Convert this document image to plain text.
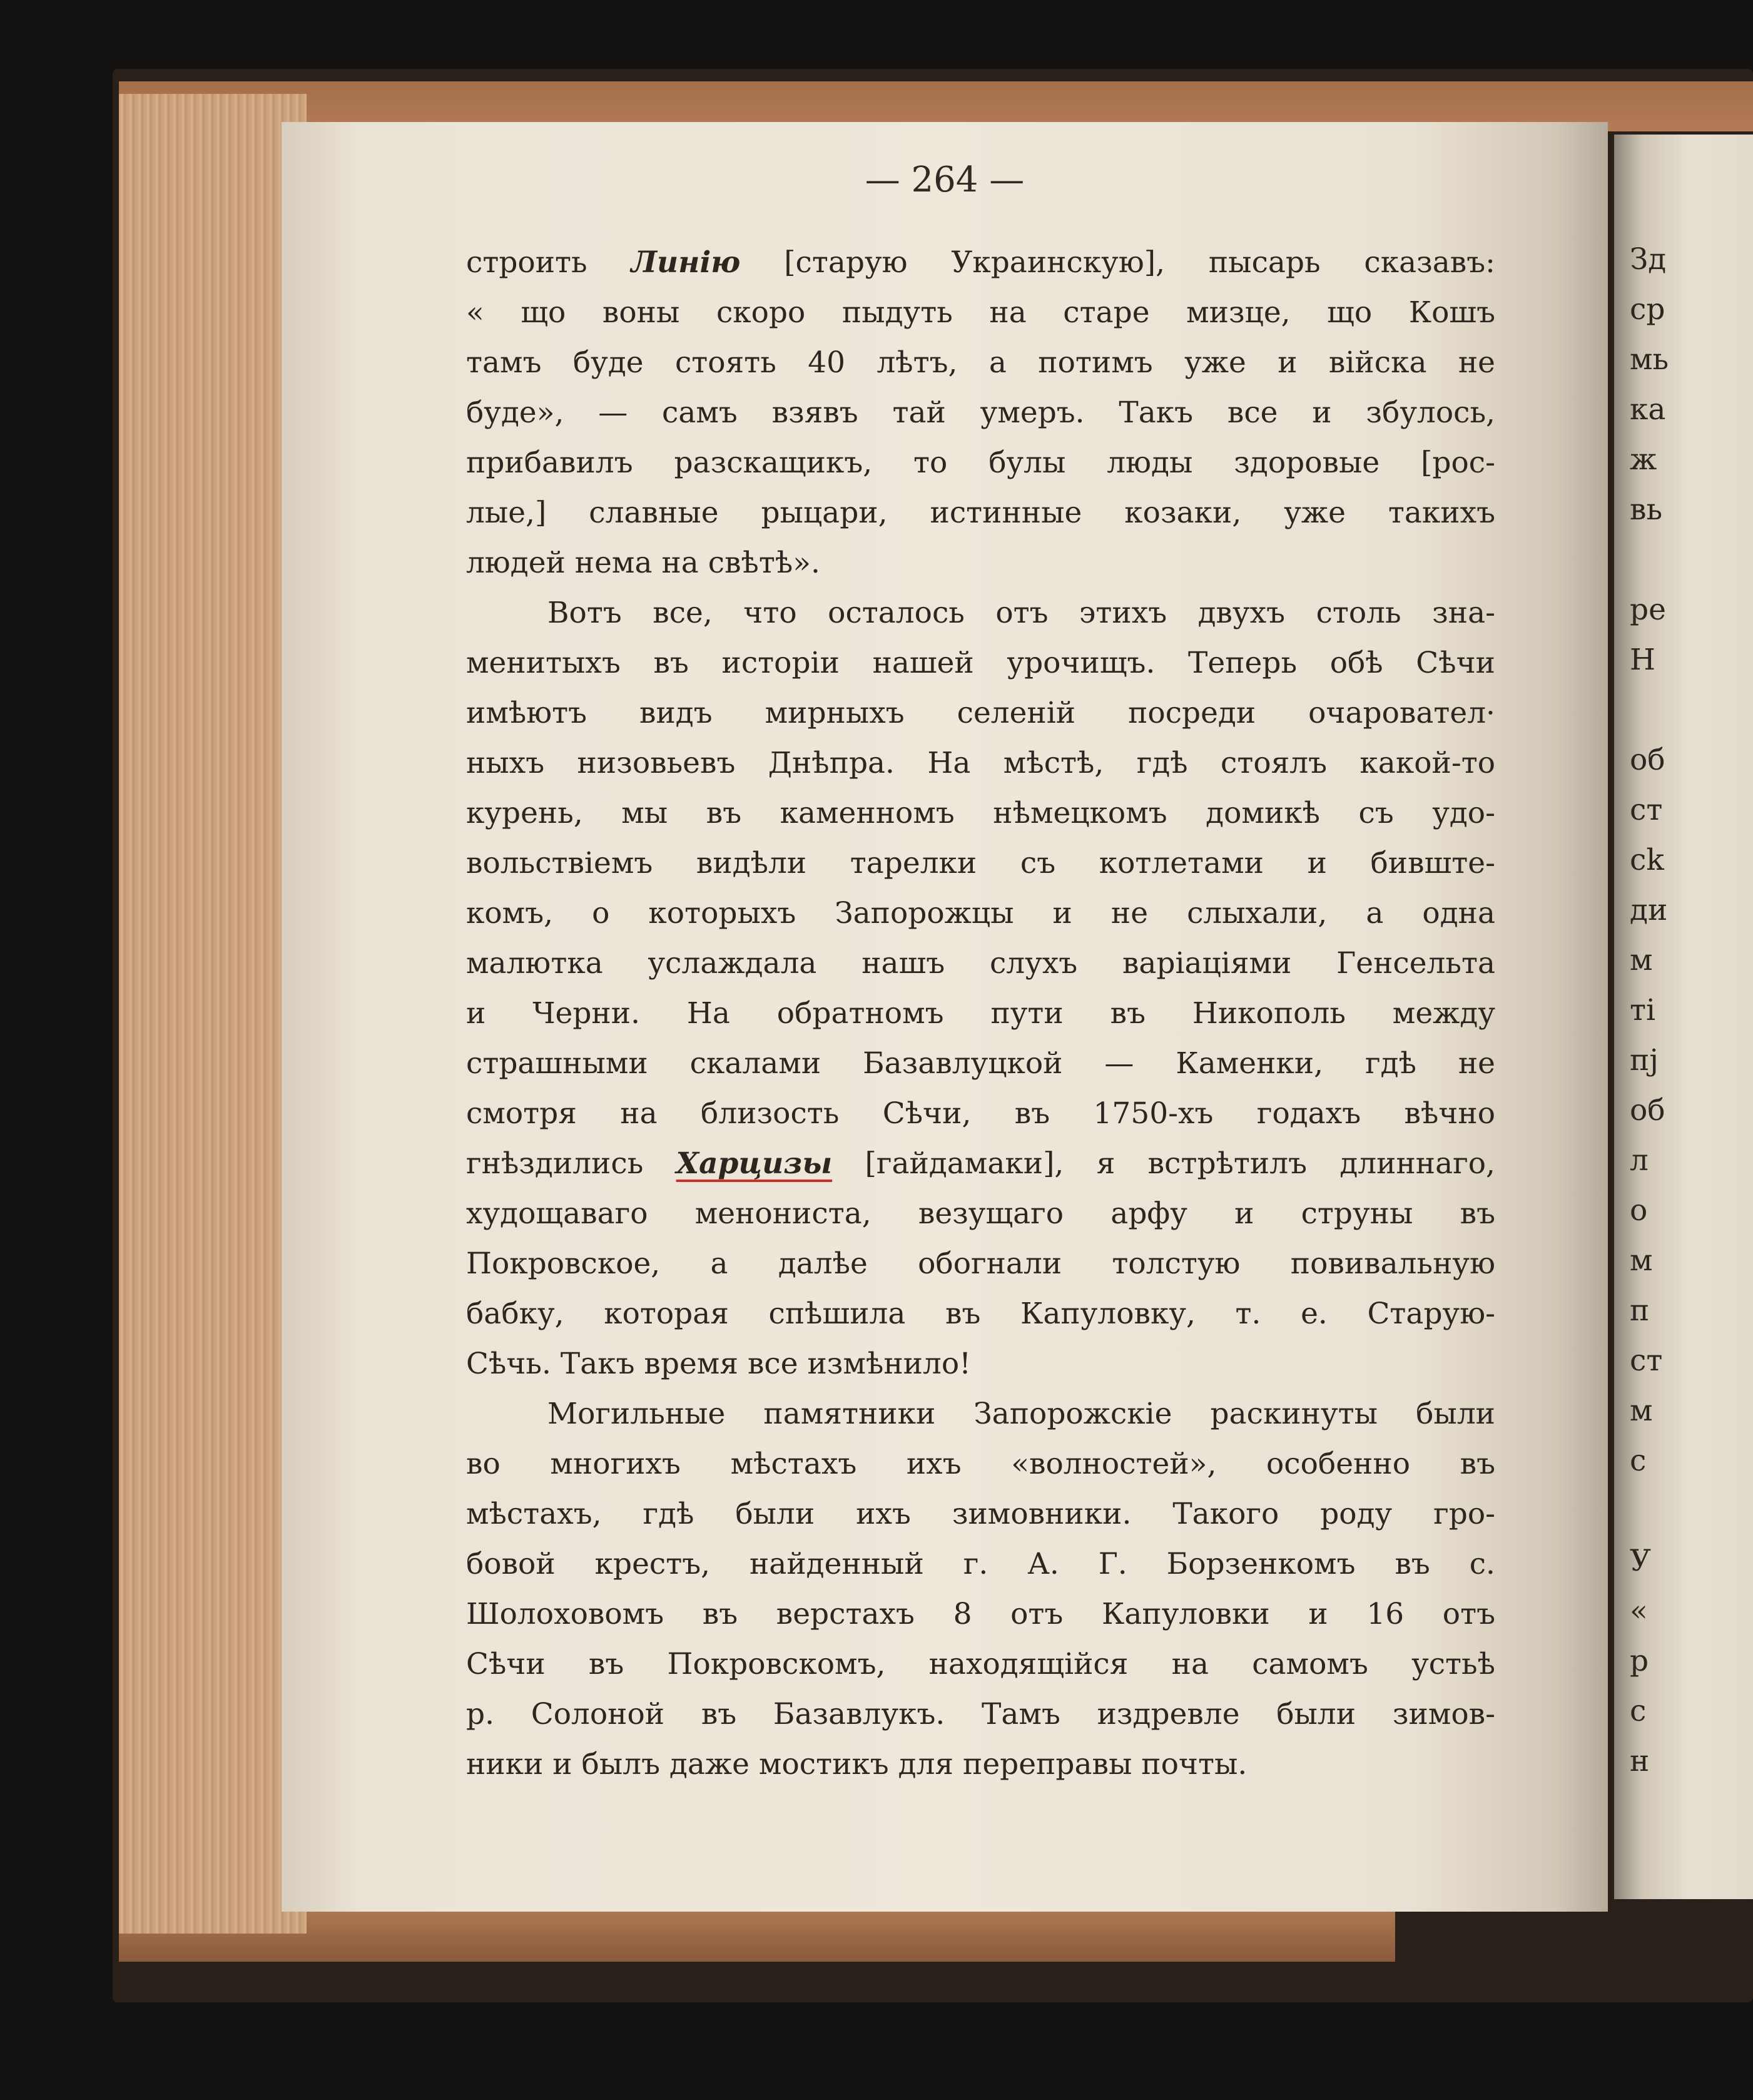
Зд
ср
мь
ка
ж
вь
ре
Н
об
ст
сk
ди
м
ті
пј
об
л
о
м
п
ст
м
с
У
«
р
с
н

— 264 —

строить Линію [старую Украинскую], пысарь сказавъ:
« що воны скоро пыдуть на старе мизце, що Кошъ
тамъ буде стоять 40 лѣтъ, а потимъ уже и війска не
буде», — самъ взявъ тай умеръ. Такъ все и збулось,
прибавилъ разскащикъ, то булы люды здоровые [рос-
лые,] славные рыцари, истинные козаки, уже такихъ
людей нема на свѣтѣ».

Вотъ все, что осталось отъ этихъ двухъ столь зна-
менитыхъ въ исторіи нашей урочищъ. Теперь обѣ Сѣчи
имѣютъ видъ мирныхъ селеній посреди очаровател·
ныхъ низовьевъ Днѣпра. На мѣстѣ, гдѣ стоялъ какой-то
курень, мы въ каменномъ нѣмецкомъ домикѣ съ удо-
вольствіемъ видѣли тарелки съ котлетами и бивште-
комъ, о которыхъ Запорожцы и не слыхали, а одна
малютка услаждала нашъ слухъ варіаціями Генсельта
и Черни. На обратномъ пути въ Никополь между
страшными скалами Базавлуцкой — Каменки, гдѣ не
смотря на близость Сѣчи, въ 1750-хъ годахъ вѣчно
гнѣздились Харцизы [гайдамаки], я встрѣтилъ длиннаго,
худощаваго менониста, везущаго арфу и струны въ
Покровское, а далѣе обогнали толстую повивальную
бабку, которая спѣшила въ Капуловку, т. е. Старую-
Сѣчь. Такъ время все измѣнило!

Могильные памятники Запорожскіе раскинуты были
во многихъ мѣстахъ ихъ «волностей», особенно въ
мѣстахъ, гдѣ были ихъ зимовники. Такого роду гро-
бовой крестъ, найденный г. А. Г. Борзенкомъ въ с.
Шолоховомъ въ верстахъ 8 отъ Капуловки и 16 отъ
Сѣчи въ Покровскомъ, находящійся на самомъ устьѣ
р. Солоной въ Базавлукъ. Тамъ издревле были зимов-
ники и былъ даже мостикъ для переправы почты.
